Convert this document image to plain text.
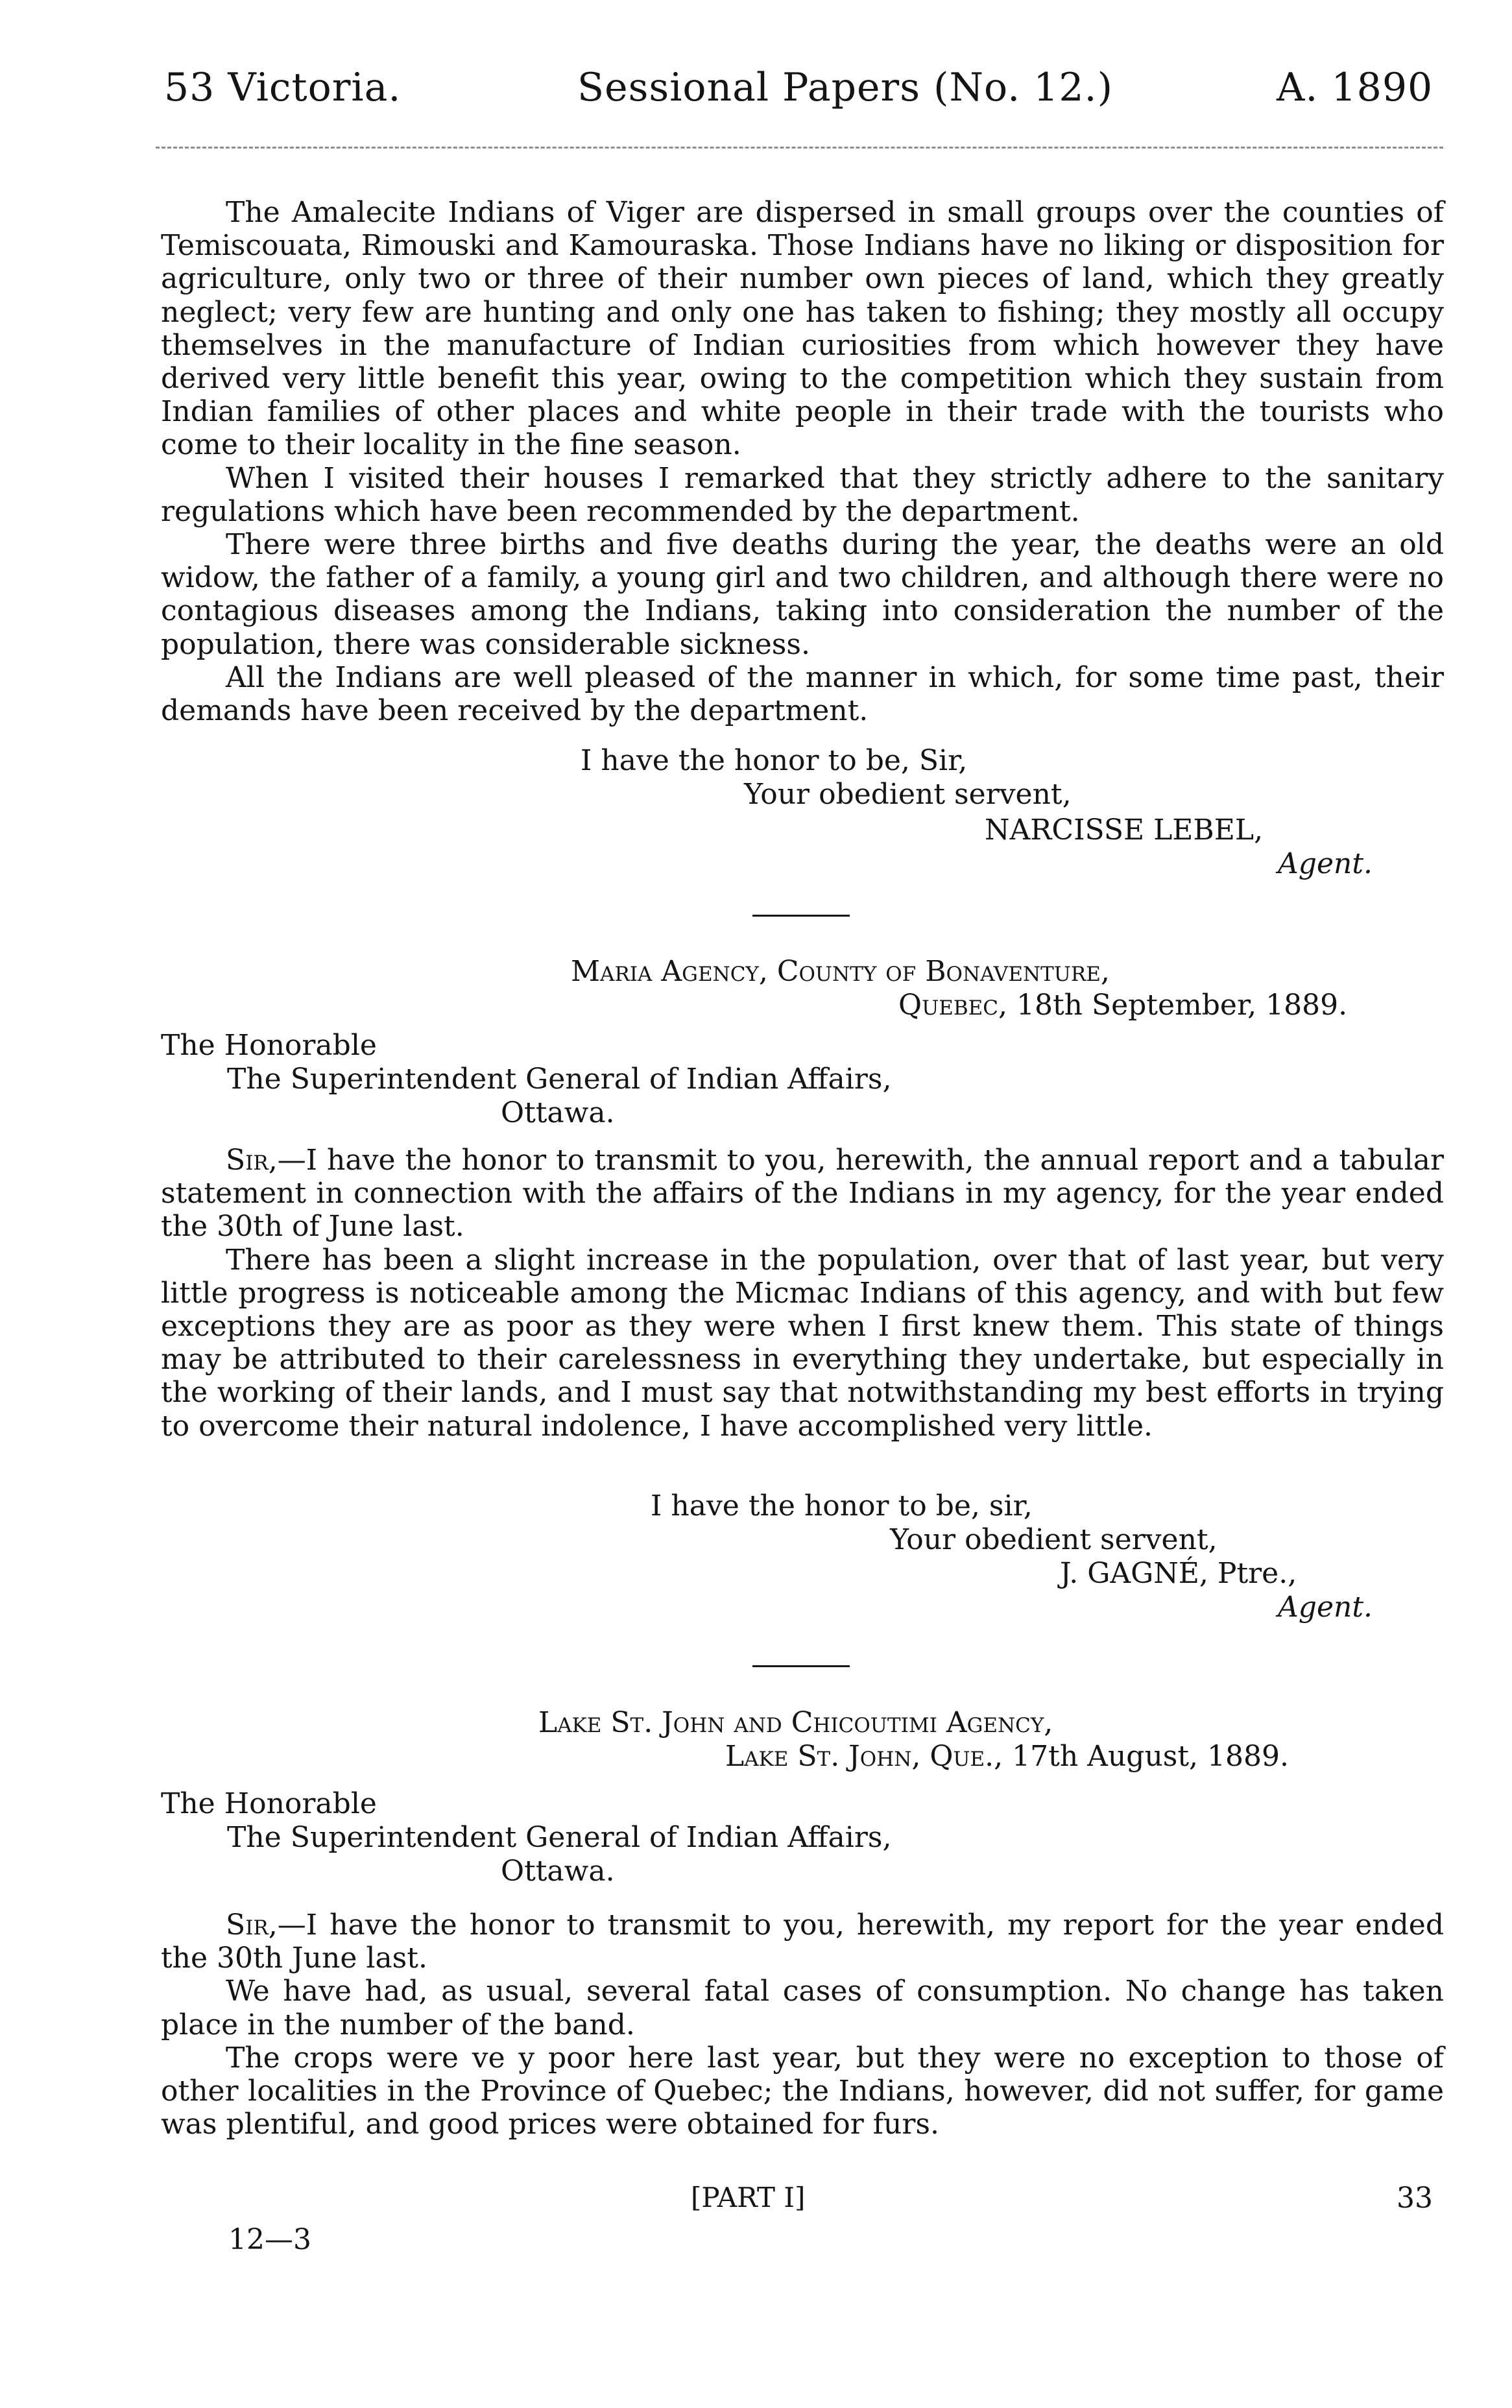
53 Victoria.	Sessional Papers (No. 12.)	A. 1890

The Amalecite Indians of Viger are dispersed in small groups over the counties of Temiscouata, Rimouski and Kamouraska. Those Indians have no liking or disposition for agriculture, only two or three of their number own pieces of land, which they greatly neglect; very few are hunting and only one has taken to fishing; they mostly all occupy themselves in the manufacture of Indian curiosities from which however they have derived very little benefit this year, owing to the competition which they sustain from Indian families of other places and white people in their trade with the tourists who come to their locality in the fine season.

When I visited their houses I remarked that they strictly adhere to the sanitary regulations which have been recommended by the department.

There were three births and five deaths during the year, the deaths were an old widow, the father of a family, a young girl and two children, and although there were no contagious diseases among the Indians, taking into consideration the number of the population, there was considerable sickness.

All the Indians are well pleased of the manner in which, for some time past, their demands have been received by the department.

I have the honor to be, Sir,
Your obedient servent,
NARCISSE LEBEL,
Agent.
Maria Agency, County of Bonaventure,
Quebec, 18th September, 1889.
The Honorable
The Superintendent General of Indian Affairs,
Ottawa.

Sir,—I have the honor to transmit to you, herewith, the annual report and a tabular statement in connection with the affairs of the Indians in my agency, for the year ended the 30th of June last.

There has been a slight increase in the population, over that of last year, but very little progress is noticeable among the Micmac Indians of this agency, and with but few exceptions they are as poor as they were when I first knew them. This state of things may be attributed to their carelessness in everything they undertake, but especially in the working of their lands, and I must say that notwithstanding my best efforts in trying to overcome their natural indolence, I have accomplished very little.

I have the honor to be, sir,
Your obedient servent,
J. GAGNÉ, Ptre.,
Agent.
Lake St. John and Chicoutimi Agency,
Lake St. John, Que., 17th August, 1889.
The Honorable
The Superintendent General of Indian Affairs,
Ottawa.

Sir,—I have the honor to transmit to you, herewith, my report for the year ended the 30th June last.

We have had, as usual, several fatal cases of consumption. No change has taken place in the number of the band.

The crops were ve y poor here last year, but they were no exception to those of other localities in the Province of Quebec; the Indians, however, did not suffer, for game was plentiful, and good prices were obtained for furs.

[PART I]	33
12—3
